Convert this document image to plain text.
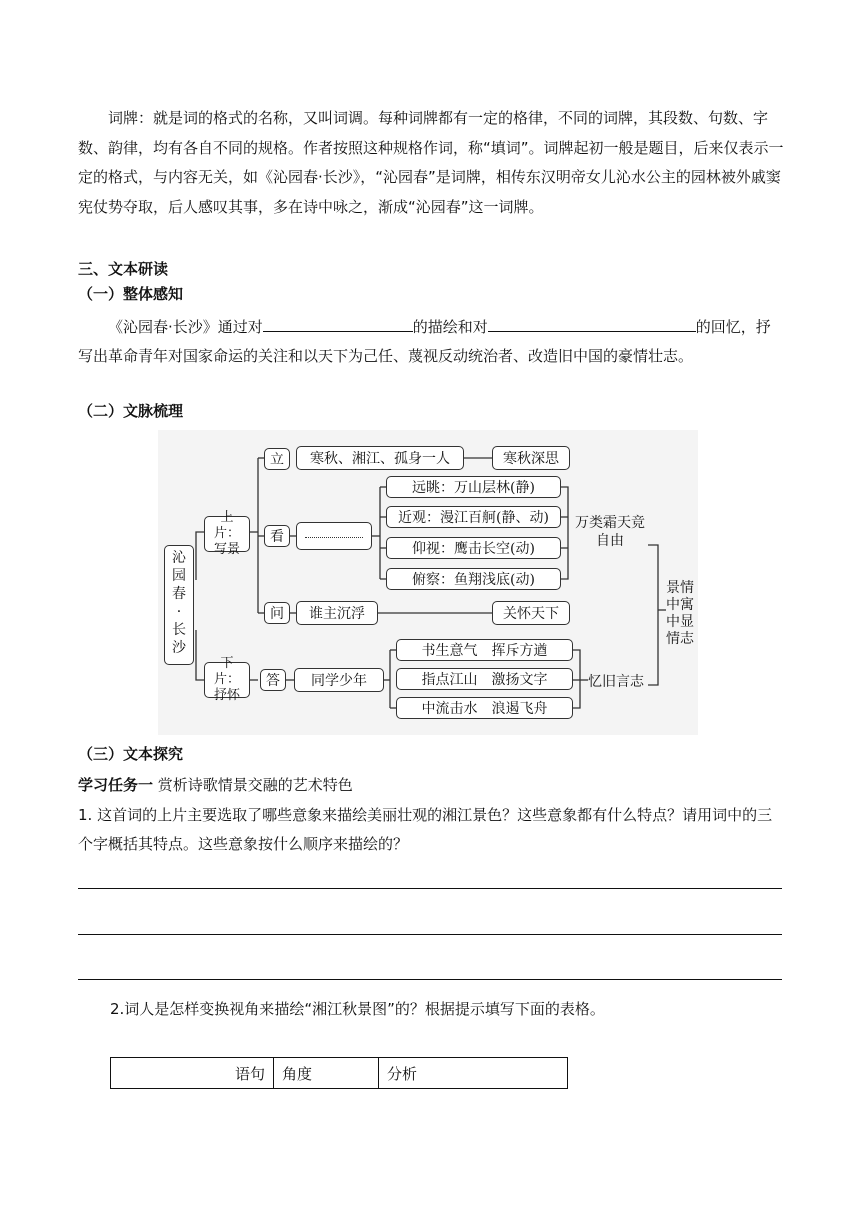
词牌：就是词的格式的名称，又叫词调。每种词牌都有一定的格律，不同的词牌，其段数、句数、字数、韵律，均有各自不同的规格。作者按照这种规格作词，称“填词”。词牌起初一般是题目，后来仅表示一定的格式，与内容无关，如《沁园春·长沙》，“沁园春”是词牌，相传东汉明帝女儿沁水公主的园林被外戚窦宪仗势夺取，后人感叹其事，多在诗中咏之，渐成“沁园春”这一词牌。
三、文本研读
（一）整体感知
《沁园春·长沙》通过对	的描绘和对	的回忆，抒写出革命青年对国家命运的关注和以天下为己任、蔑视反动统治者、改造旧中国的豪情壮志。
（二）文脉梳理
沁园春·长沙
上片：写景
下片：抒怀
立	寒秋、湘江、孤身一人	寒秋深思
看
远眺：万山层林(静)
近观：漫江百舸(静、动)
仰视：鹰击长空(动)
俯察：鱼翔浅底(动)
万类霜天竞自由
问	谁主沉浮	关怀天下
答	同学少年
书生意气　挥斥方遒
指点江山　激扬文字
中流击水　浪遏飞舟
忆旧言志
景情中寓中显情志
（三）文本探究
学习任务一 赏析诗歌情景交融的艺术特色
1. 这首词的上片主要选取了哪些意象来描绘美丽壮观的湘江景色？这些意象都有什么特点？请用词中的三个字概括其特点。这些意象按什么顺序来描绘的？
2.词人是怎样变换视角来描绘“湘江秋景图”的？根据提示填写下面的表格。
语句	角度	分析
